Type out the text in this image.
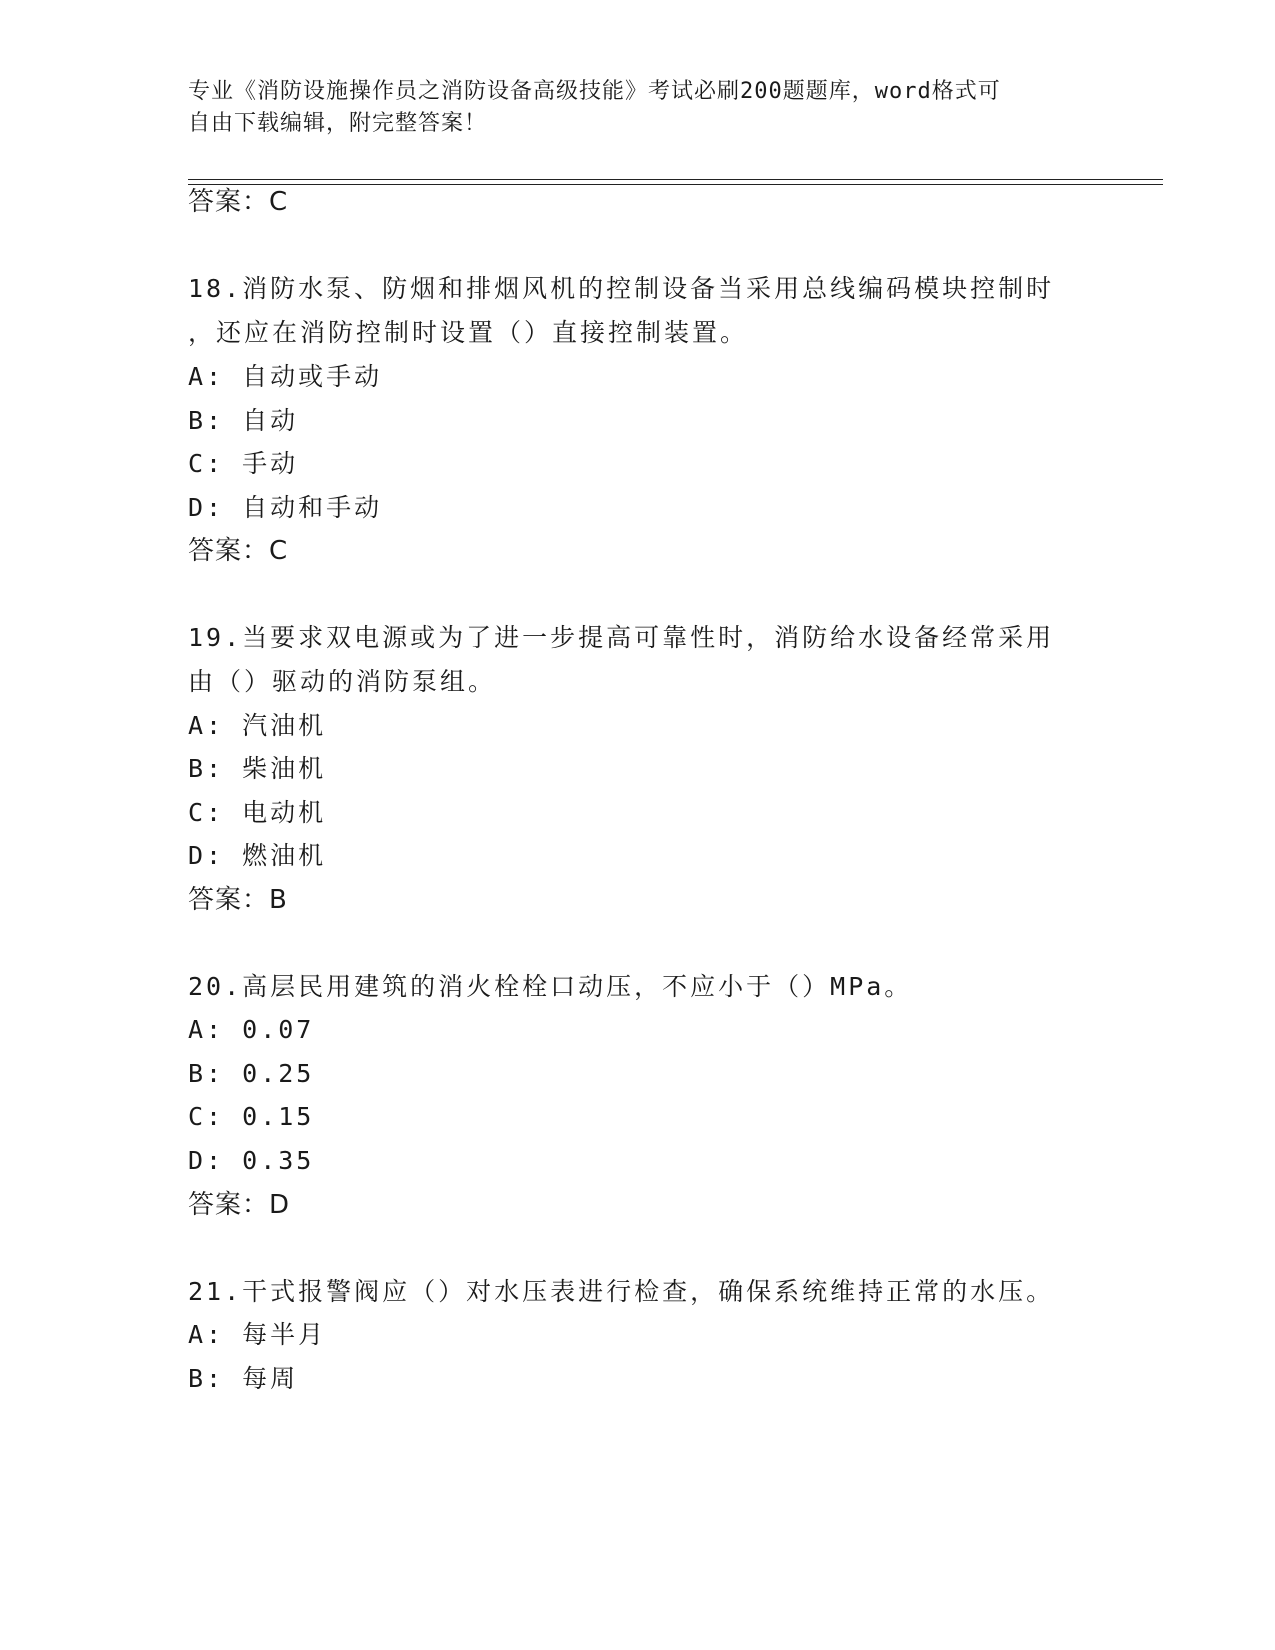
专业《消防设施操作员之消防设备高级技能》考试必刷200题题库，word格式可
自由下载编辑，附完整答案！
答案：C
18.消防水泵、防烟和排烟风机的控制设备当采用总线编码模块控制时
，还应在消防控制时设置（）直接控制装置。
A: 自动或手动
B: 自动
C: 手动
D: 自动和手动
答案：C
19.当要求双电源或为了进一步提高可靠性时，消防给水设备经常采用
由（）驱动的消防泵组。
A: 汽油机
B: 柴油机
C: 电动机
D: 燃油机
答案：B
20.高层民用建筑的消火栓栓口动压，不应小于（）MPa。
A: 0.07
B: 0.25
C: 0.15
D: 0.35
答案：D
21.干式报警阀应（）对水压表进行检查，确保系统维持正常的水压。
A: 每半月
B: 每周
